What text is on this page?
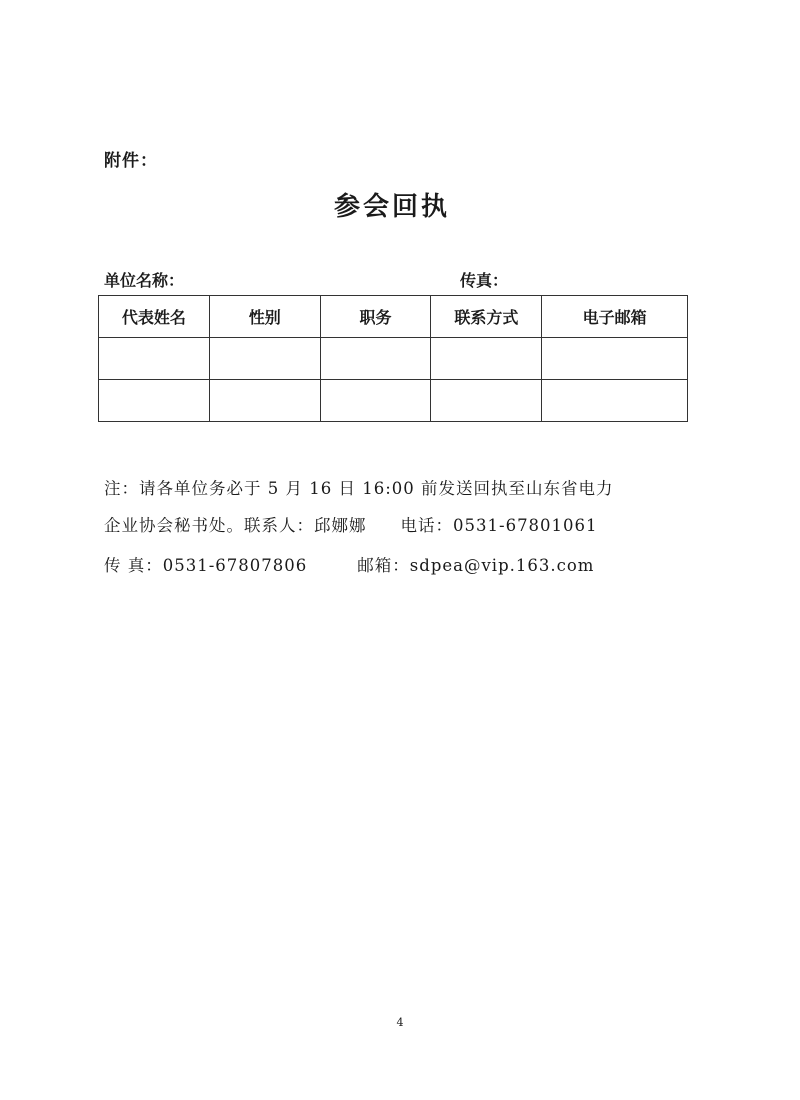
附件：
参会回执
单位名称：	传真：
代表姓名	性别	职务	联系方式	电子邮箱

注：请各单位务必于 5 月 16 日 16:00 前发送回执至山东省电力
企业协会秘书处。联系人：邱娜娜 电话：0531-67801061
传 真：0531-67807806	邮箱：sdpea@vip.163.com
4
